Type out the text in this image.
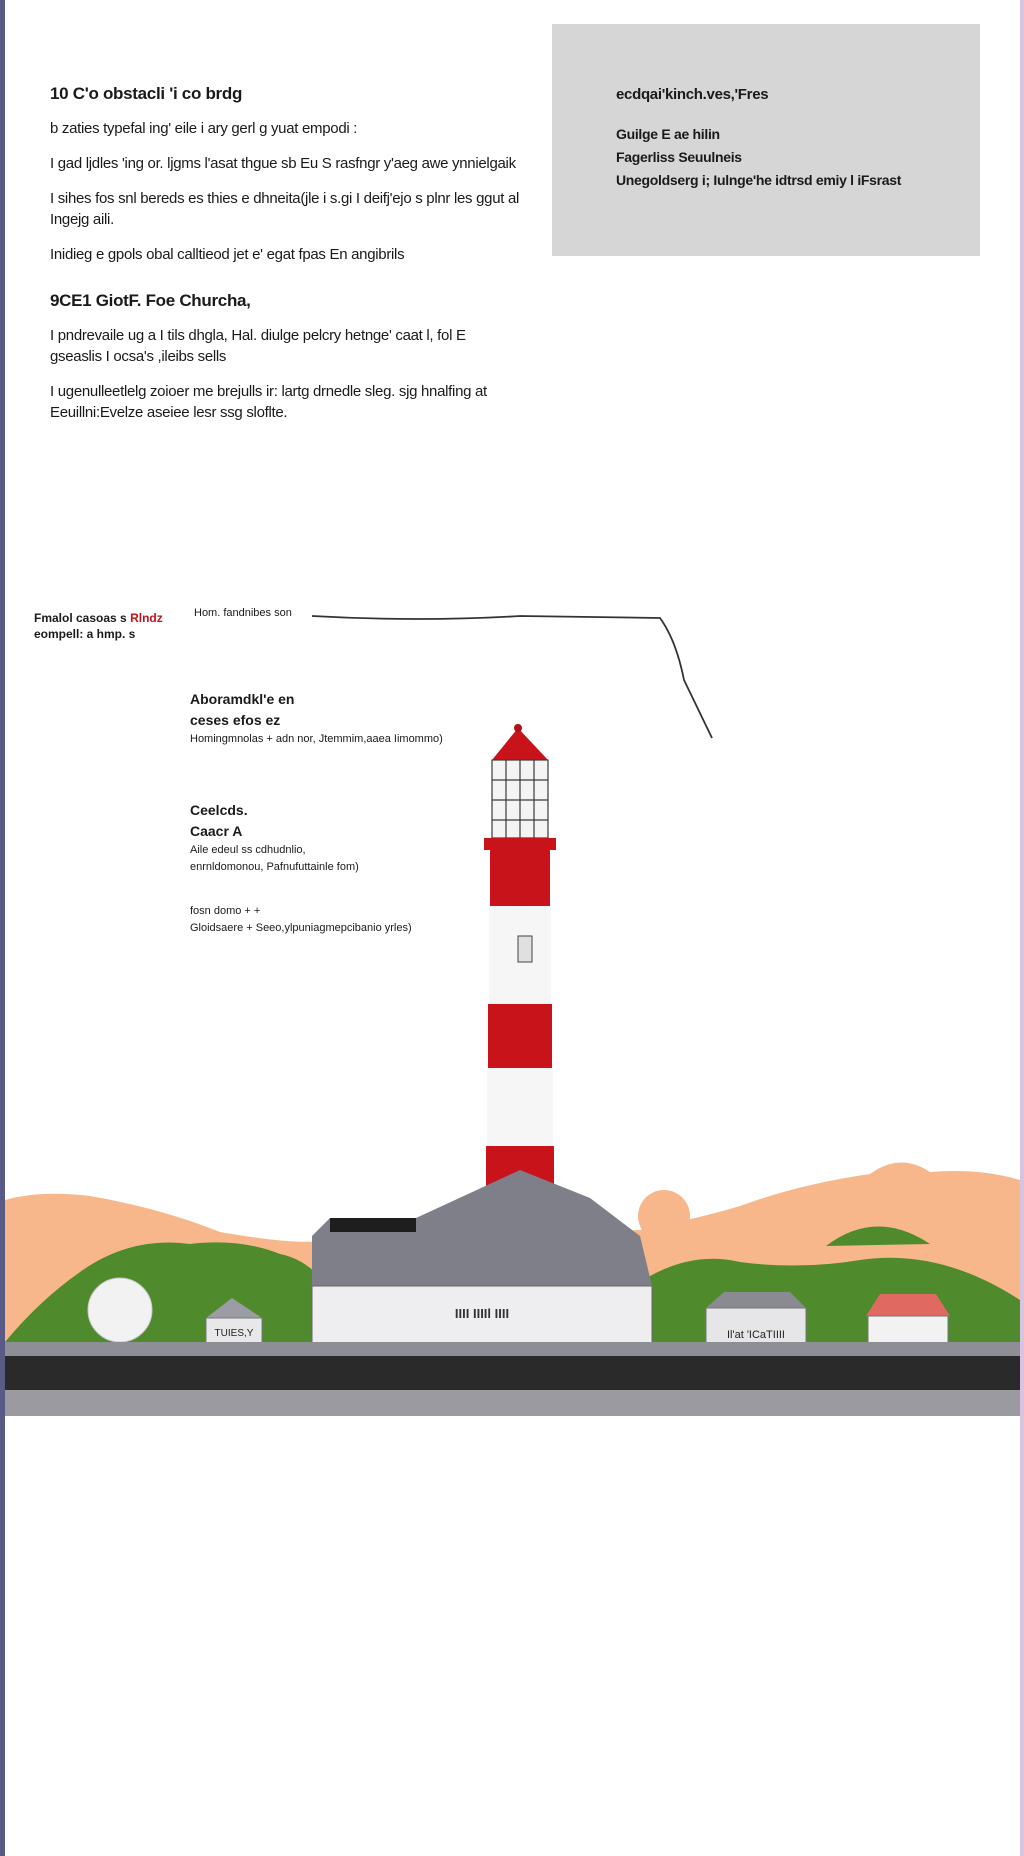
10 C'o obstacli 'i co brdg

b zaties typefal ing' eile i ary gerl g yuat empodi :

I gad ljdles 'ing or. ljgms l'asat thgue sb Eu S rasfngr y'aeg awe ynnielgaik

I sihes fos snl bereds es thies e dhneita(jle i s.gi I deifj'ejo s plnr les ggut al Ingejg aili.

Inidieg e gpols obal calltieod jet e' egat fpas En angibrils

9CE1 GiotF. Foe Churcha,

I pndrevaile ug a I tils dhgla, Hal. diulge pelcry hetnge' caat l, fol E gseaslis I ocsa's ,ileibs sells

I ugenulleetlelg zoioer me brejulls ir: lartg drnedle sleg. sjg hnalfing at Eeuillni:Evelze aseiee lesr ssg sloflte.

ecdqai'kinch.ves,'Fres

Guilge E ae hilin

Fagerliss Seuulneis

Unegoldserg i; Iulnge'he idtrsd emiy l iFsrast

TUIES,Y
IIII IIIIl IIII
Il'at 'ICaTIIII
Fmalol casoas s Rlndz
eompell: a hmp. s
Hom. fandnibes son
Aboramdkl'e en
ceses efos ez
Homingmnolas + adn nor, Jtemmim,aaea Iimommo)
Ceelcds.
Caacr A
Aile edeul ss cdhudnlio,
enrnldomonou, Pafnufuttainle fom)
fosn domo + +
Gloidsaere + Seeo,ylpuniagmepcibanio yrles)
